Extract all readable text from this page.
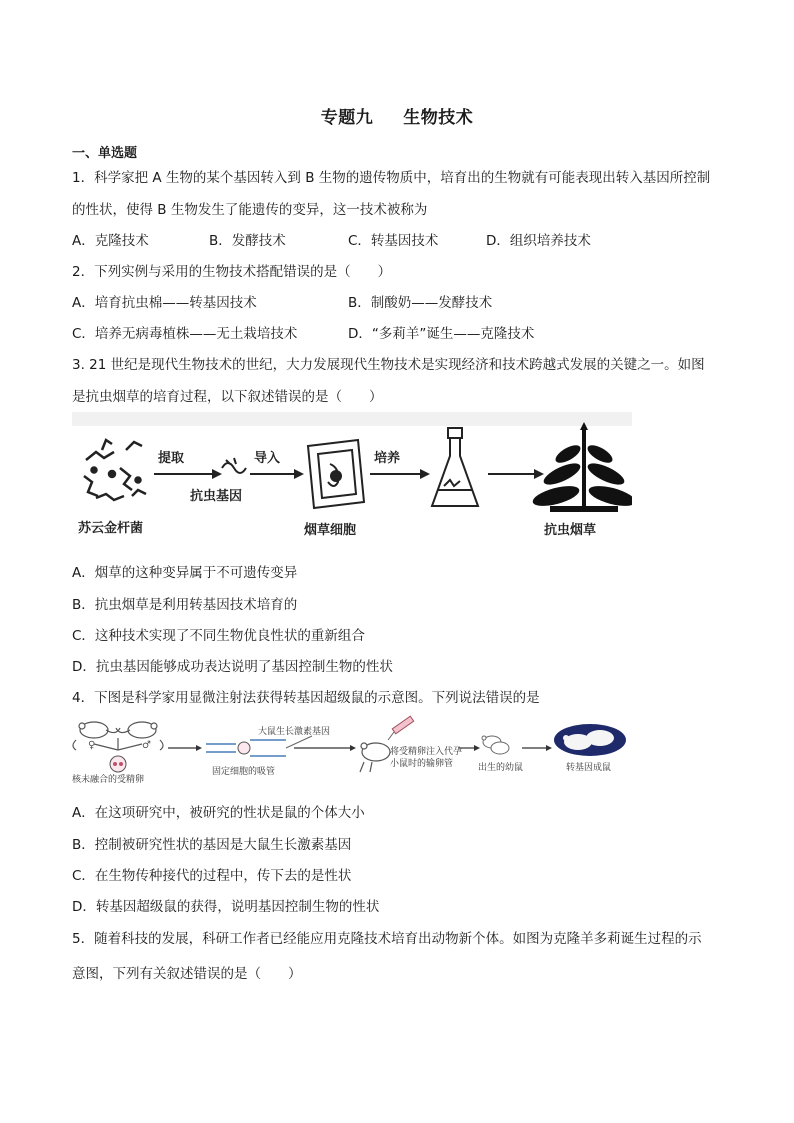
专题九 生物技术
一、单选题
1．科学家把 A 生物的某个基因转入到 B 生物的遗传物质中，培育出的生物就有可能表现出转入基因所控制
的性状，使得 B 生物发生了能遗传的变异，这一技术被称为
A．克隆技术	B．发酵技术	C．转基因技术	D．组织培养技术
2．下列实例与采用的生物技术搭配错误的是（　　）
A．培育抗虫棉——转基因技术	B．制酸奶——发酵技术
C．培养无病毒植株——无土栽培技术	D．“多莉羊”诞生——克隆技术
3. 21 世纪是现代生物技术的世纪，大力发展现代生物技术是实现经济和技术跨越式发展的关键之一。如图
是抗虫烟草的培育过程，以下叙述错误的是（　　）
苏云金杆菌
提取
抗虫基因
导入
烟草细胞
培养
抗虫烟草
A．烟草的这种变异属于不可遗传变异
B．抗虫烟草是利用转基因技术培育的
C．这种技术实现了不同生物优良性状的重新组合
D．抗虫基因能够成功表达说明了基因控制生物的性状
4．下图是科学家用显微注射法获得转基因超级鼠的示意图。下列说法错误的是
♀	♂
核未融合的受精卵
固定细胞的吸管
大鼠生长激素基因
将受精卵注入代孕
小鼠时的输卵管	出生的幼鼠	转基因成鼠
A．在这项研究中，被研究的性状是鼠的个体大小
B．控制被研究性状的基因是大鼠生长激素基因
C．在生物传种接代的过程中，传下去的是性状
D．转基因超级鼠的获得，说明基因控制生物的性状
5．随着科技的发展，科研工作者已经能应用克隆技术培育出动物新个体。如图为克隆羊多莉诞生过程的示
意图，下列有关叙述错误的是（　　）
